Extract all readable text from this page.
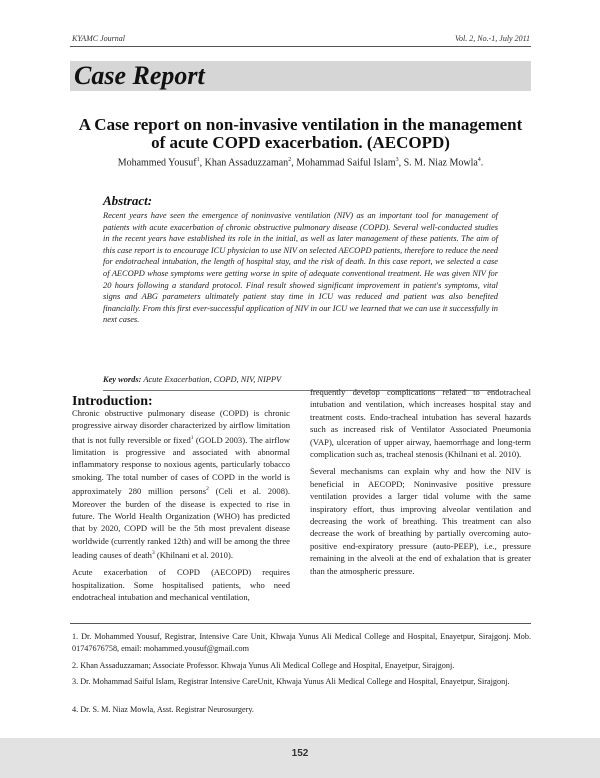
KYAMC Journal	Vol. 2, No.-1, July 2011
Case Report
A Case report on non-invasive ventilation in the management of acute COPD exacerbation. (AECOPD)
Mohammed Yousuf$^1$, Khan Assaduzzaman$^2$, Mohammad Saiful Islam$^3$, S. M. Niaz Mowla$^4$.
Abstract:
Recent years have seen the emergence of noninvasive ventilation (NIV) as an important tool for management of patients with acute exacerbation of chronic obstructive pulmonary disease (COPD). Several well-conducted studies in the recent years have established its role in the initial, as well as later management of these patients. The aim of this case report is to encourage ICU physician to use NIV on selected AECOPD patients, therefore to reduce the need for endotracheal intubation, the length of hospital stay, and the risk of death. In this case report, we selected a case of AECOPD whose symptoms were getting worse in spite of adequate conventional treatment. He was given NIV for 20 hours following a standard protocol. Final result showed significant improvement in patient's symptoms, vital signs and ABG parameters ultimately patient stay time in ICU was reduced and patient was also benefited financially. From this first ever-successful application of NIV in our ICU we learned that we can use it successfully in next cases.
Key words: Acute Exacerbation, COPD, NIV, NIPPV
Introduction:

Chronic obstructive pulmonary disease (COPD) is chronic progressive airway disorder characterized by airflow limitation that is not fully reversible or fixed$^1$ (GOLD 2003). The airflow limitation is progressive and associated with abnormal inflammatory response to noxious agents, particularly tobacco smoking. The total number of cases of COPD in the world is approximately 280 million persons$^2$ (Celi et al. 2008). Moreover the burden of the disease is expected to rise in future. The World Health Organization (WHO) has predicted that by 2020, COPD will be the 5th most prevalent disease worldwide (currently ranked 12th) and will be among the three leading causes of death$^3$ (Khilnani et al. 2010).

Acute exacerbation of COPD (AECOPD) requires hospitalization. Some hospitalised patients, who need endotracheal intubation and mechanical ventilation,

frequently develop complications related to endotracheal intubation and ventilation, which increases hospital stay and treatment costs. Endo-tracheal intubation has several hazards such as increased risk of Ventilator Associated Pneumonia (VAP), ulceration of upper airway, haemorrhage and long-term complication such as, tracheal stenosis (Khilnani et al. 2010).

Several mechanisms can explain why and how the NIV is beneficial in AECOPD; Noninvasive positive pressure ventilation provides a larger tidal volume with the same inspiratory effort, thus improving alveolar ventilation and decreasing the work of breathing. This treatment can also decrease the work of breathing by partially overcoming auto-positive end-expiratory pressure (auto-PEEP), i.e., pressure remaining in the alveoli at the end of exhalation that is greater than the atmospheric pressure.

1. Dr. Mohammed Yousuf, Registrar, Intensive Care Unit, Khwaja Yunus Ali Medical College and Hospital, Enayetpur, Sirajgonj. Mob. 01747676758, email: mohammed.yousuf@gmail.com
2. Khan Assaduzzaman; Associate Professor. Khwaja Yunus Ali Medical College and Hospital, Enayetpur, Sirajgonj.
3. Dr. Mohammad Saiful Islam, Registrar Intensive CareUnit, Khwaja Yunus Ali Medical College and Hospital, Enayetpur, Sirajgonj.
4. Dr. S. M. Niaz Mowla, Asst. Registrar Neurosurgery.
152
